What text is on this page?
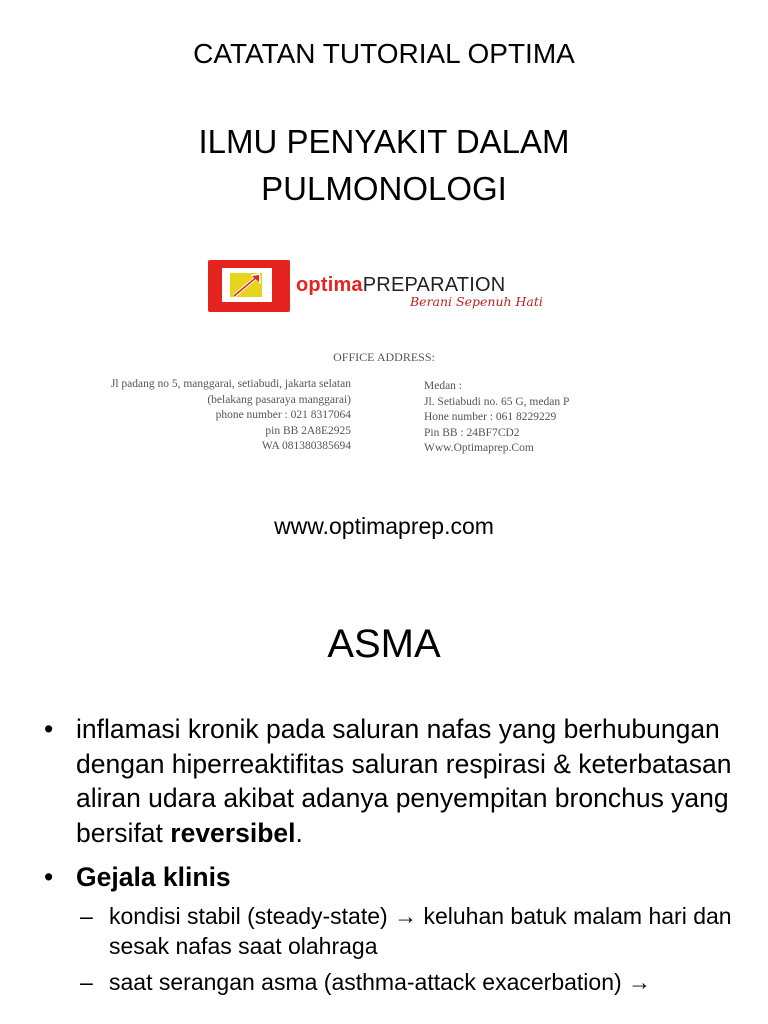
CATATAN TUTORIAL OPTIMA
ILMU PENYAKIT DALAM
PULMONOLOGI
optimaPREPARATION
Berani Sepenuh Hati
OFFICE ADDRESS:
Jl padang no 5, manggarai, setiabudi, jakarta selatan
(belakang pasaraya manggarai)
phone number : 021 8317064
pin BB 2A8E2925
WA 081380385694
Medan :
Jl. Setiabudi no. 65 G, medan P
Hone number : 061 8229229
Pin BB : 24BF7CD2
Www.Optimaprep.Com
www.optimaprep.com
ASMA
• inflamasi kronik pada saluran nafas yang berhubungan dengan hiperreaktifitas saluran respirasi & keterbatasan aliran udara akibat adanya penyempitan bronchus yang bersifat reversibel.
• Gejala klinis
– kondisi stabil (steady-state) → keluhan batuk malam hari dan sesak nafas saat olahraga
– saat serangan asma (asthma-attack exacerbation) →
